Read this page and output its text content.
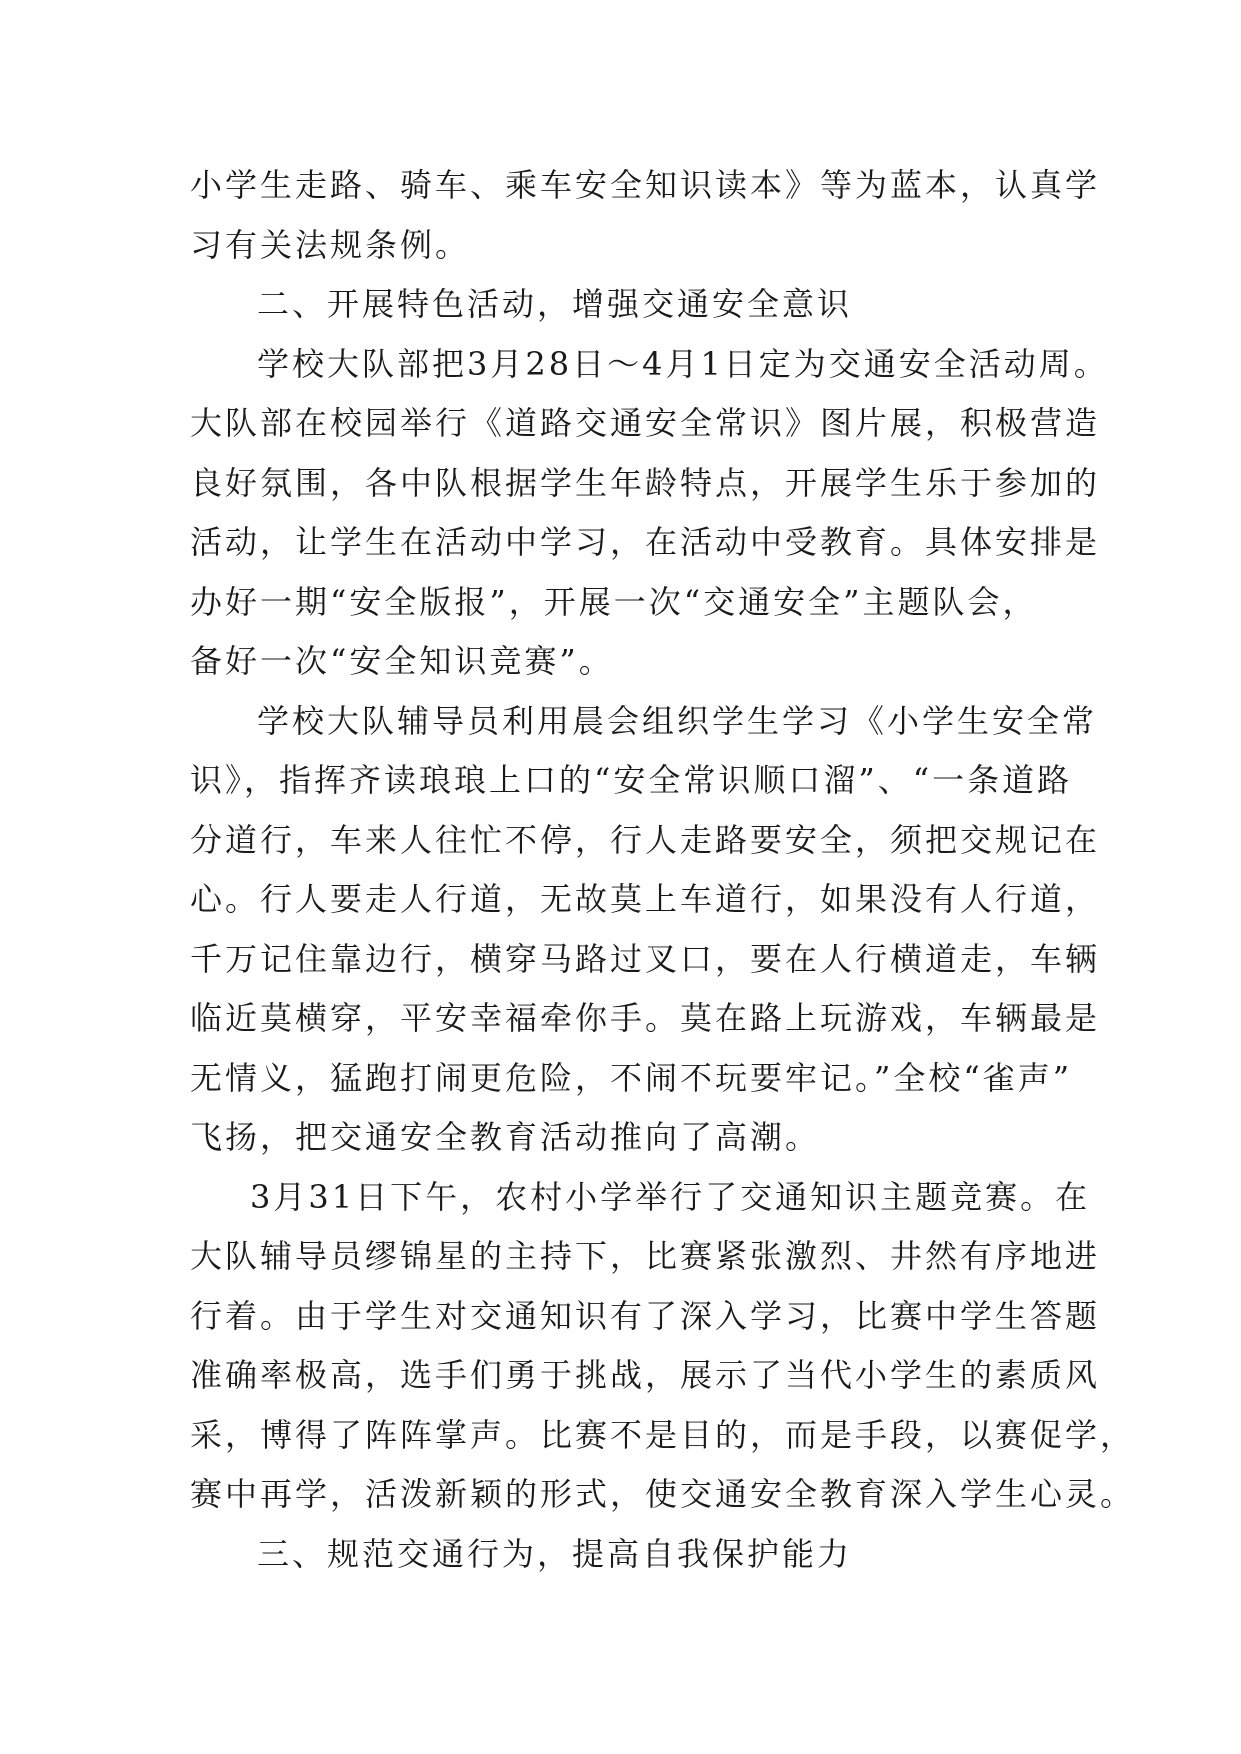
小学生走路、骑车、乘车安全知识读本》等为蓝本，认真学
习有关法规条例。
二、开展特色活动，增强交通安全意识
学校大队部把3月28日～4月1日定为交通安全活动周。
大队部在校园举行《道路交通安全常识》图片展，积极营造
良好氛围，各中队根据学生年龄特点，开展学生乐于参加的
活动，让学生在活动中学习，在活动中受教育。具体安排是
办好一期“安全版报”，开展一次“交通安全”主题队会，
备好一次“安全知识竞赛”。
学校大队辅导员利用晨会组织学生学习《小学生安全常
识》，指挥齐读琅琅上口的“安全常识顺口溜”、“一条道路
分道行，车来人往忙不停，行人走路要安全，须把交规记在
心。行人要走人行道，无故莫上车道行，如果没有人行道，
千万记住靠边行，横穿马路过叉口，要在人行横道走，车辆
临近莫横穿，平安幸福牵你手。莫在路上玩游戏，车辆最是
无情义，猛跑打闹更危险，不闹不玩要牢记。”全校“雀声”
飞扬，把交通安全教育活动推向了高潮。
3月31日下午，农村小学举行了交通知识主题竞赛。在
大队辅导员缪锦星的主持下，比赛紧张激烈、井然有序地进
行着。由于学生对交通知识有了深入学习，比赛中学生答题
准确率极高，选手们勇于挑战，展示了当代小学生的素质风
采，博得了阵阵掌声。比赛不是目的，而是手段，以赛促学，
赛中再学，活泼新颖的形式，使交通安全教育深入学生心灵。
三、规范交通行为，提高自我保护能力
